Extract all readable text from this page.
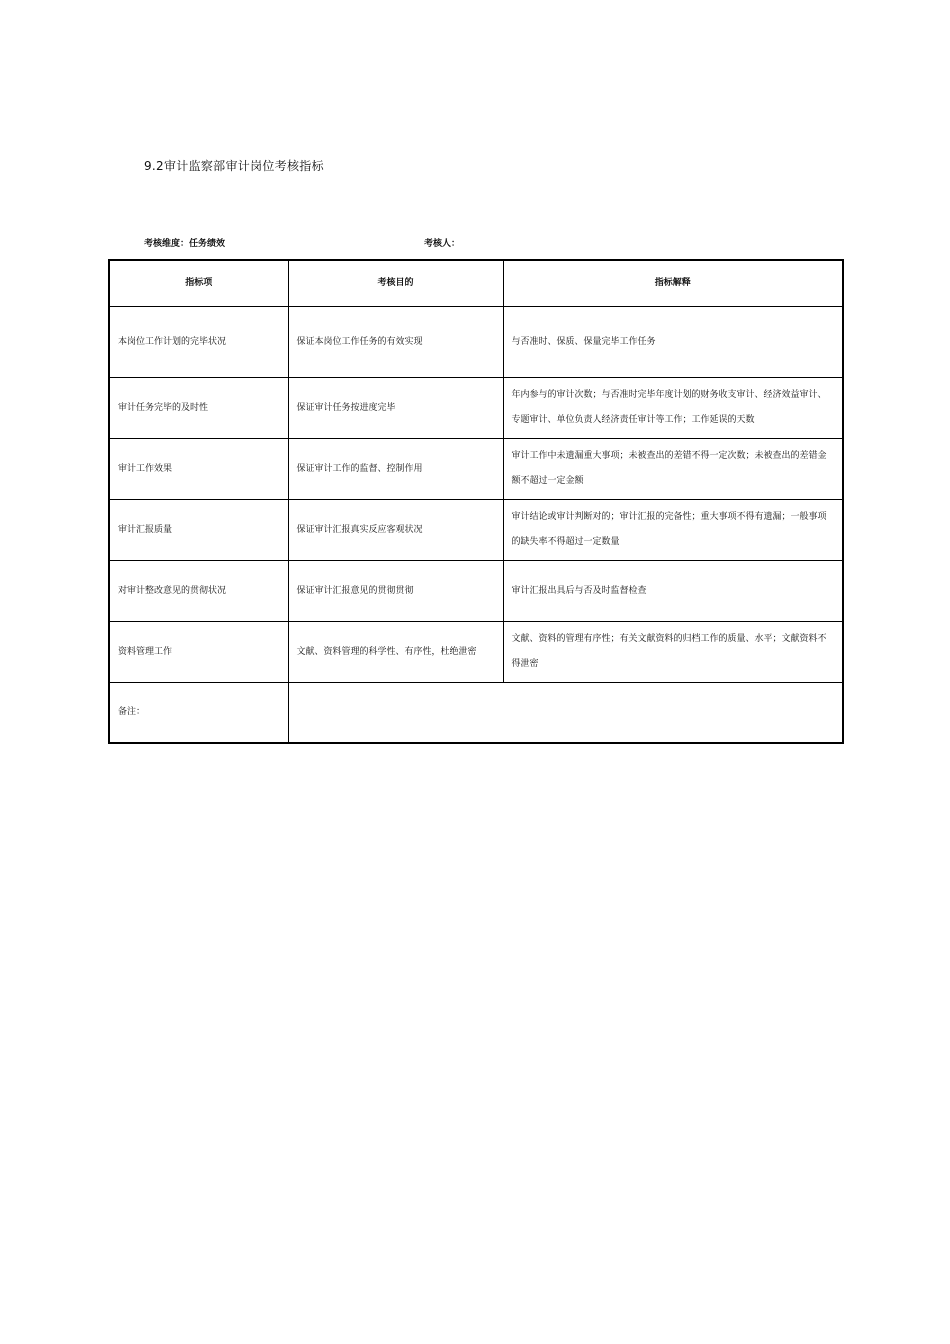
9.2审计监察部审计岗位考核指标
考核维度：任务绩效	考核人：
指标项	考核目的	指标解释
本岗位工作计划的完毕状况	保证本岗位工作任务的有效实现	与否准时、保质、保量完毕工作任务
审计任务完毕的及时性	保证审计任务按进度完毕	年内参与的审计次数；与否准时完毕年度计划的财务收支审计、经济效益审计、专题审计、单位负责人经济责任审计等工作；工作延误的天数
审计工作效果	保证审计工作的监督、控制作用	审计工作中未遗漏重大事项；未被查出的差错不得一定次数；未被查出的差错金额不超过一定金额
审计汇报质量	保证审计汇报真实反应客观状况	审计结论或审计判断对的；审计汇报的完备性；重大事项不得有遗漏；一般事项的缺失率不得超过一定数量
对审计整改意见的贯彻状况	保证审计汇报意见的贯彻贯彻	审计汇报出具后与否及时监督检查
资料管理工作	文献、资料管理的科学性、有序性，杜绝泄密	文献、资料的管理有序性；有关文献资料的归档工作的质量、水平；文献资料不得泄密
备注：		
